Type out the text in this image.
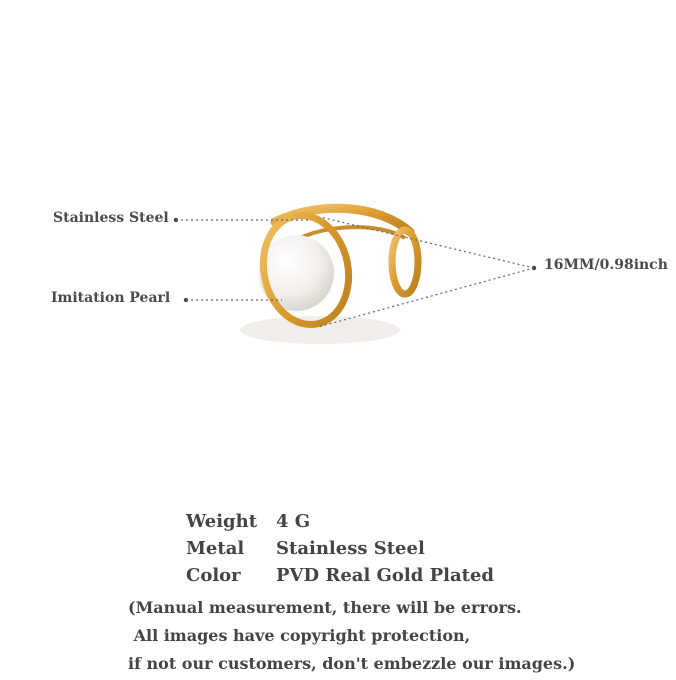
Stainless Steel
Imitation Pearl
16MM/0.98inch
Weight	4 G
Metal	Stainless Steel
Color	PVD Real Gold Plated
(Manual measurement, there will be errors.
All images have copyright protection,
if not our customers, don't embezzle our images.)
